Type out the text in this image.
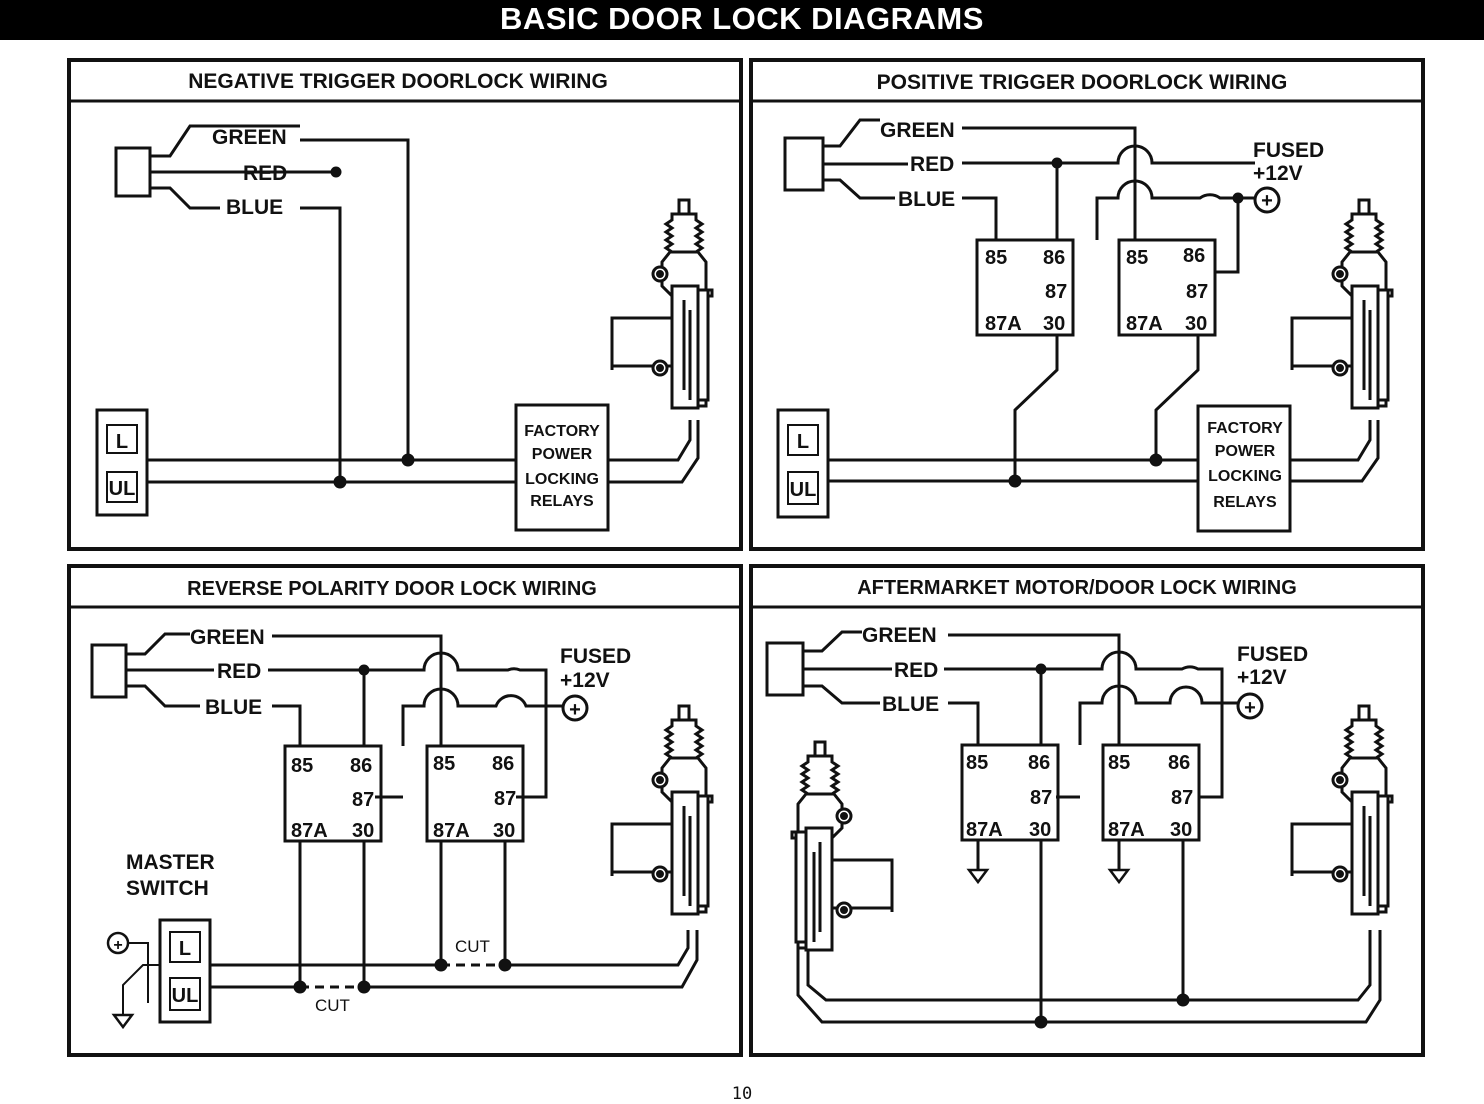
BASIC DOOR LOCK DIAGRAMS
NEGATIVE TRIGGER DOORLOCK WIRING
GREEN
RED
BLUE
L
UL
FACTORY
POWER
LOCKING
RELAYS
POSITIVE TRIGGER DOORLOCK WIRING
GREEN
RED
BLUE
FUSED
+12V
+
85 86
87
87A 30
85 86
87
87A 30
L
UL
FACTORY
POWER
LOCKING
RELAYS
REVERSE POLARITY DOOR LOCK WIRING
GREEN
RED
BLUE
FUSED
+12V
+
85 86
87
87A 30
85 86
87
87A 30
MASTER
SWITCH
+	L
UL
CUT
CUT
AFTERMARKET MOTOR/DOOR LOCK WIRING
GREEN
RED
BLUE
FUSED
+12V
+
85 86
87
87A 30
85 86
87
87A 30
10
